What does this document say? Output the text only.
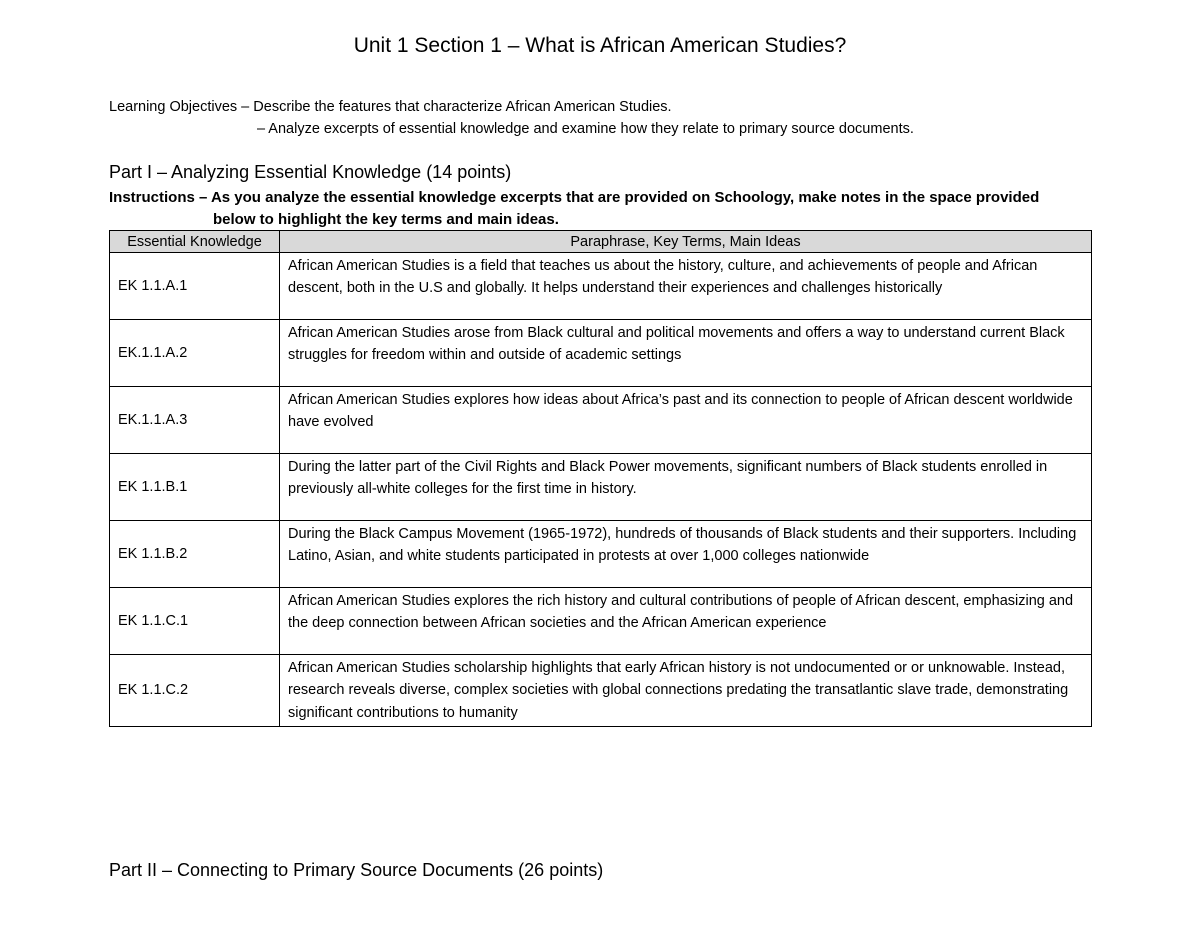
Unit 1 Section 1 – What is African American Studies?
Learning Objectives – Describe the features that characterize African American Studies.
– Analyze excerpts of essential knowledge and examine how they relate to primary source documents.
Part I – Analyzing Essential Knowledge (14 points)
Instructions – As you analyze the essential knowledge excerpts that are provided on Schoology, make notes in the space provided
below to highlight the key terms and main ideas.
Essential Knowledge	Paraphrase, Key Terms, Main Ideas
EK 1.1.A.1	African American Studies is a field that teaches us about the history, culture, and achievements of people and African descent, both in the U.S and globally. It helps understand their experiences and challenges historically
EK.1.1.A.2	African American Studies arose from Black cultural and political movements and offers a way to understand current Black struggles for freedom within and outside of academic settings
EK.1.1.A.3	African American Studies explores how ideas about Africa’s past and its connection to people of African descent worldwide have evolved
EK 1.1.B.1	During the latter part of the Civil Rights and Black Power movements, significant numbers of Black students enrolled in previously all-white colleges for the first time in history.
EK 1.1.B.2	During the Black Campus Movement (1965-1972), hundreds of thousands of Black students and their supporters. Including Latino, Asian, and white students participated in protests at over 1,000 colleges nationwide
EK 1.1.C.1	African American Studies explores the rich history and cultural contributions of people of African descent, emphasizing and the deep connection between African societies and the African American experience
EK 1.1.C.2	African American Studies scholarship highlights that early African history is not undocumented or or unknowable. Instead, research reveals diverse, complex societies with global connections predating the transatlantic slave trade, demonstrating significant contributions to humanity
Part II – Connecting to Primary Source Documents (26 points)
